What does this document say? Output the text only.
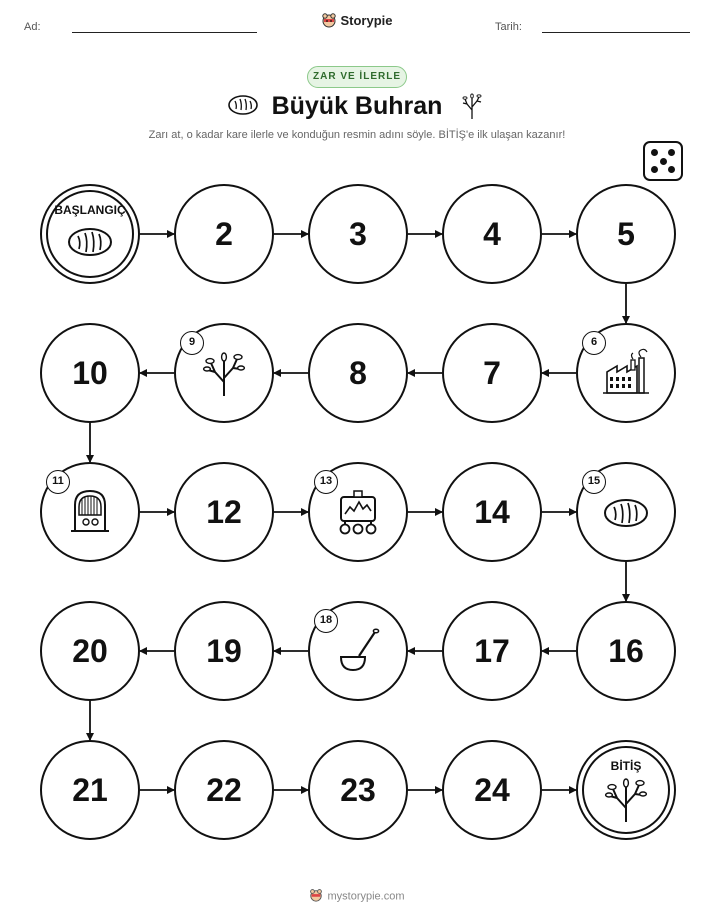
Ad:	Storypie	Tarih:
ZAR VE İLERLE
Büyük Buhran
Zarı at, o kadar kare ilerle ve konduğun resmin adını söyle. BİTİŞ'e ilk ulaşan kazanır!
BAŞLANGIÇ
2	3	4	5
6
7
8
9
10
11
12
13
14
15
16
17
18
19
20
21	22	23	24
BİTİŞ
mystorypie.com
